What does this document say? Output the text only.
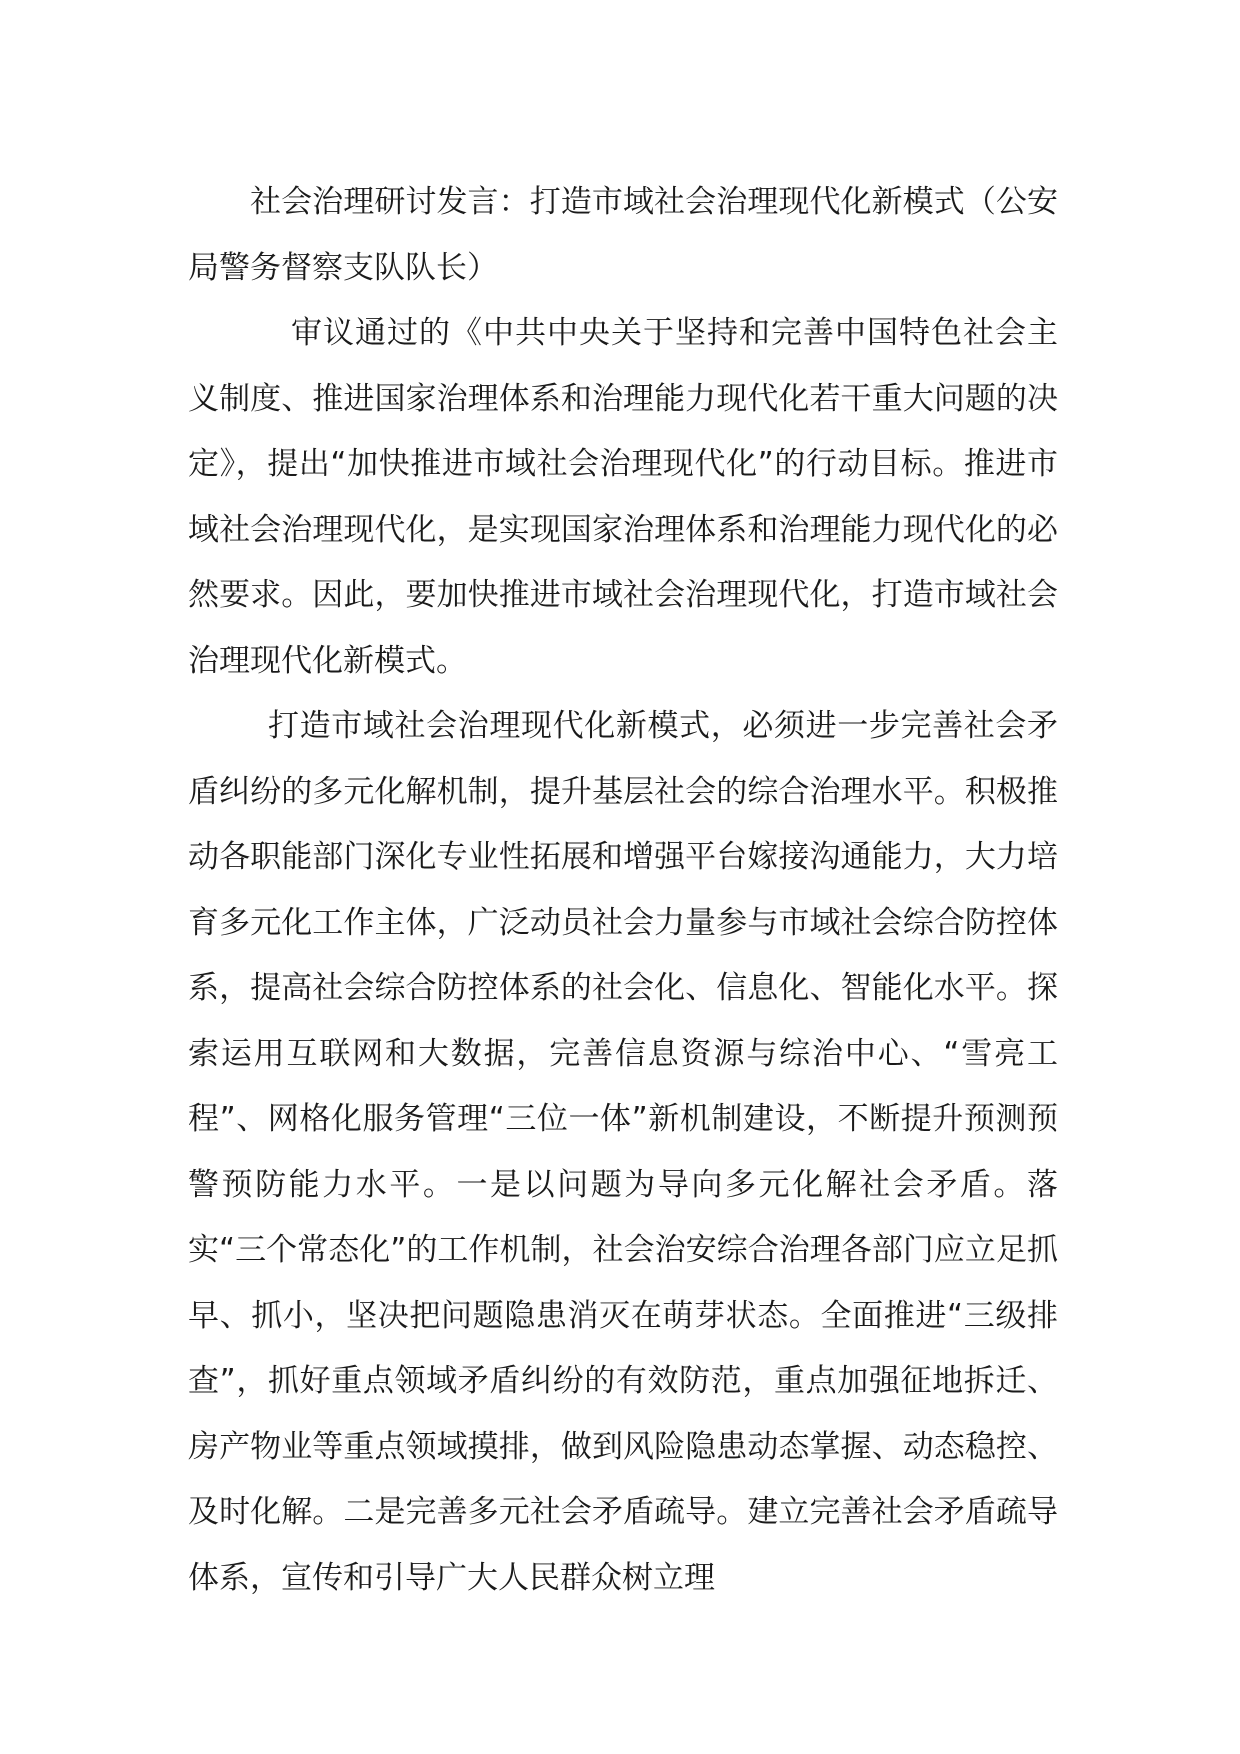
社会治理研讨发言：打造市域社会治理现代化新模式（公安局警务督察支队队长）

审议通过的《中共中央关于坚持和完善中国特色社会主义制度、推进国家治理体系和治理能力现代化若干重大问题的决定》，提出“加快推进市域社会治理现代化”的行动目标。推进市域社会治理现代化，是实现国家治理体系和治理能力现代化的必然要求。因此，要加快推进市域社会治理现代化，打造市域社会治理现代化新模式。

打造市域社会治理现代化新模式，必须进一步完善社会矛盾纠纷的多元化解机制，提升基层社会的综合治理水平。积极推动各职能部门深化专业性拓展和增强平台嫁接沟通能力，大力培育多元化工作主体，广泛动员社会力量参与市域社会综合防控体系，提高社会综合防控体系的社会化、信息化、智能化水平。探索运用互联网和大数据，完善信息资源与综治中心、“雪亮工程”、网格化服务管理“三位一体”新机制建设，不断提升预测预警预防能力水平。一是以问题为导向多元化解社会矛盾。落实“三个常态化”的工作机制，社会治安综合治理各部门应立足抓早、抓小，坚决把问题隐患消灭在萌芽状态。全面推进“三级排查”，抓好重点领域矛盾纠纷的有效防范，重点加强征地拆迁、房产物业等重点领域摸排，做到风险隐患动态掌握、动态稳控、及时化解。二是完善多元社会矛盾疏导。建立完善社会矛盾疏导体系，宣传和引导广大人民群众树立理
